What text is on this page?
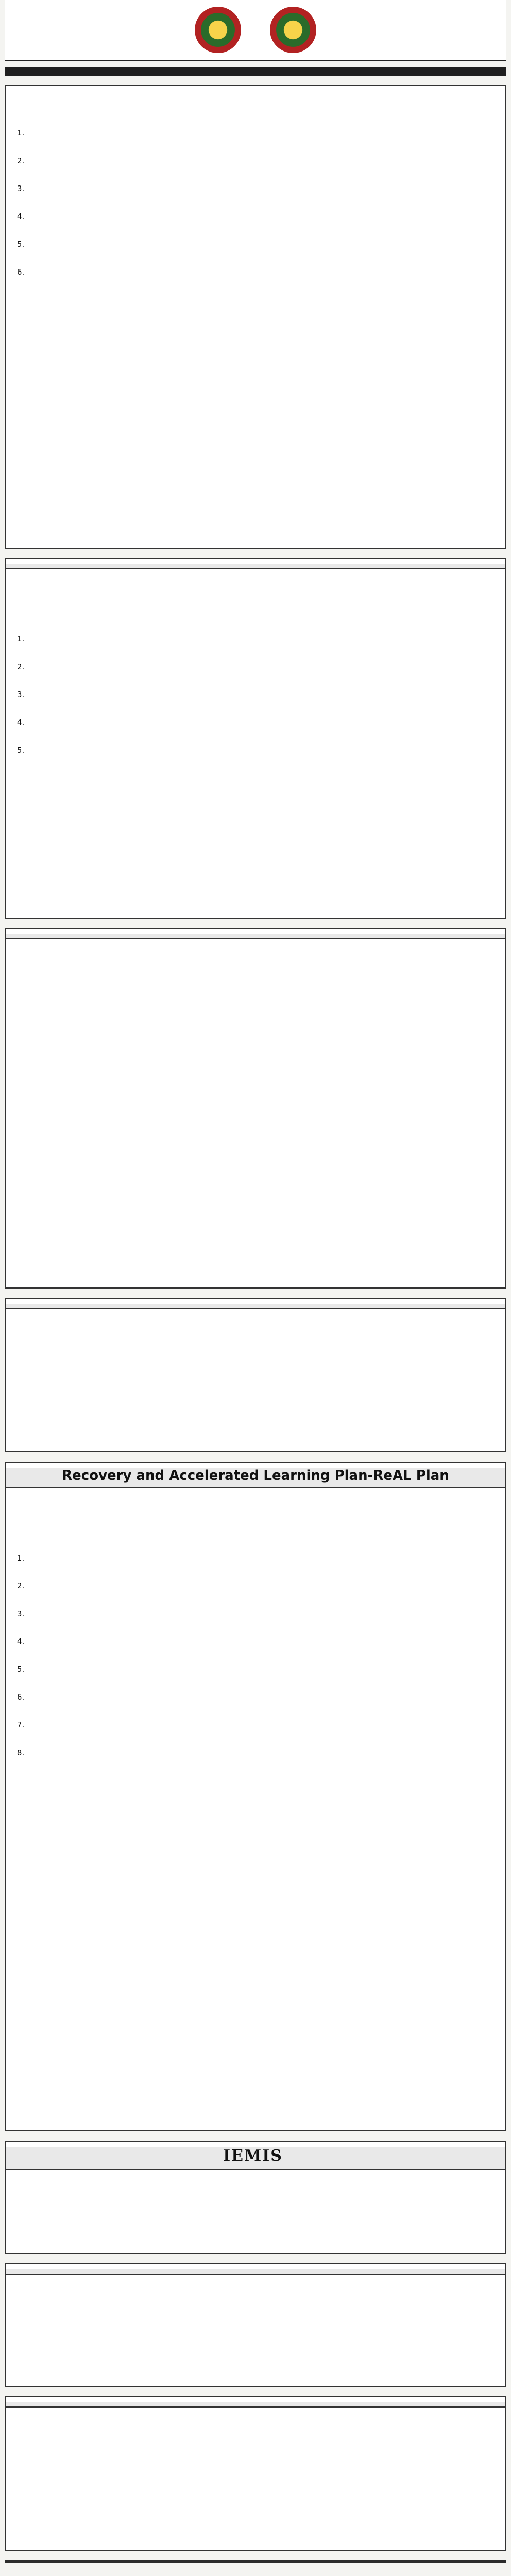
1.
2.
3.
4.
5.
6.

1.
2.
3.
4.
5.

Recovery and Accelerated Learning Plan-ReAL Plan

1.
2.
3.
4.
5.
6.
7.
8.
IEMIS
